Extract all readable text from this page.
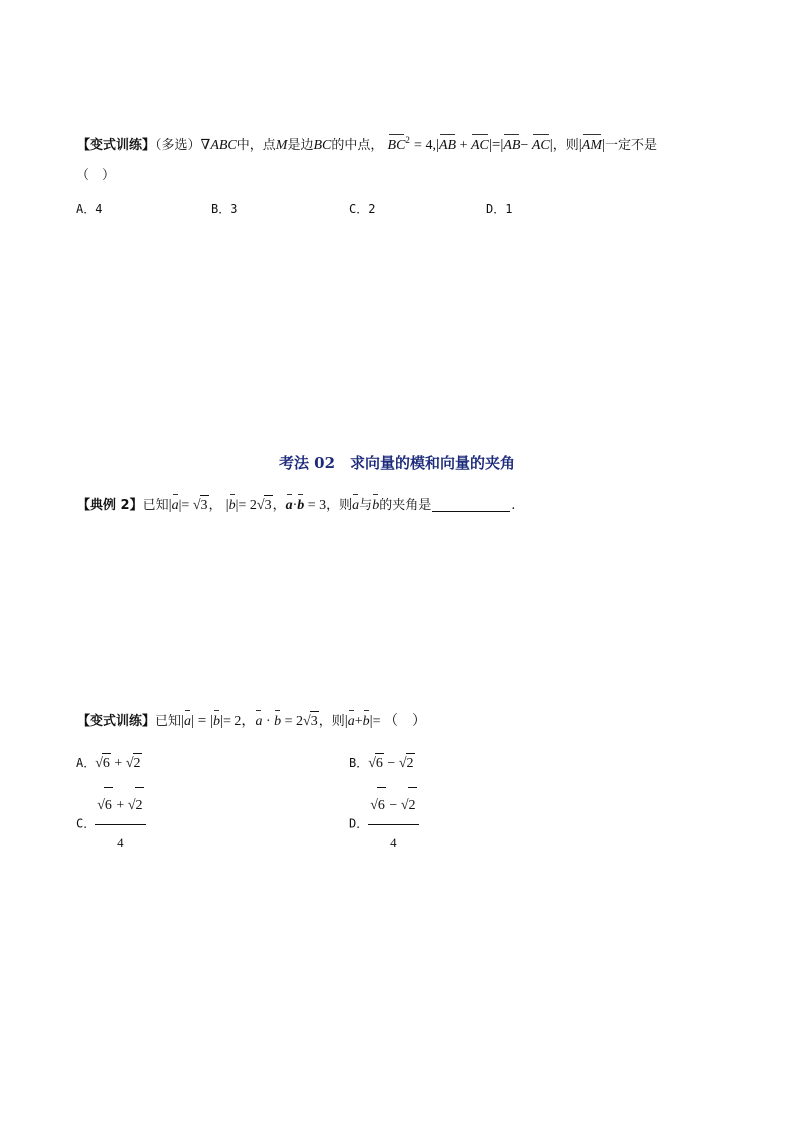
【变式训练】（多选）∇ABC中，点M是边BC的中点， $BC^2 = 4,|AB + AC|=|AB- AC|$，则|AM|一定不是
（　）
A．4	B．3	C．2	D．1
考法 02　求向量的模和向量的夹角
【典例 2】已知|a|= √3， |b|= 2√3，a·b = 3，则a与b的夹角是	.
【变式训练】已知|a| = |b|= 2，a · b = 2√3，则|a+b|= （　）
A．√6 + √2	B．√6 − √2
C． $\frac{√6 + √2}{4}$	D． $\frac{√6 - √2}{4}$
